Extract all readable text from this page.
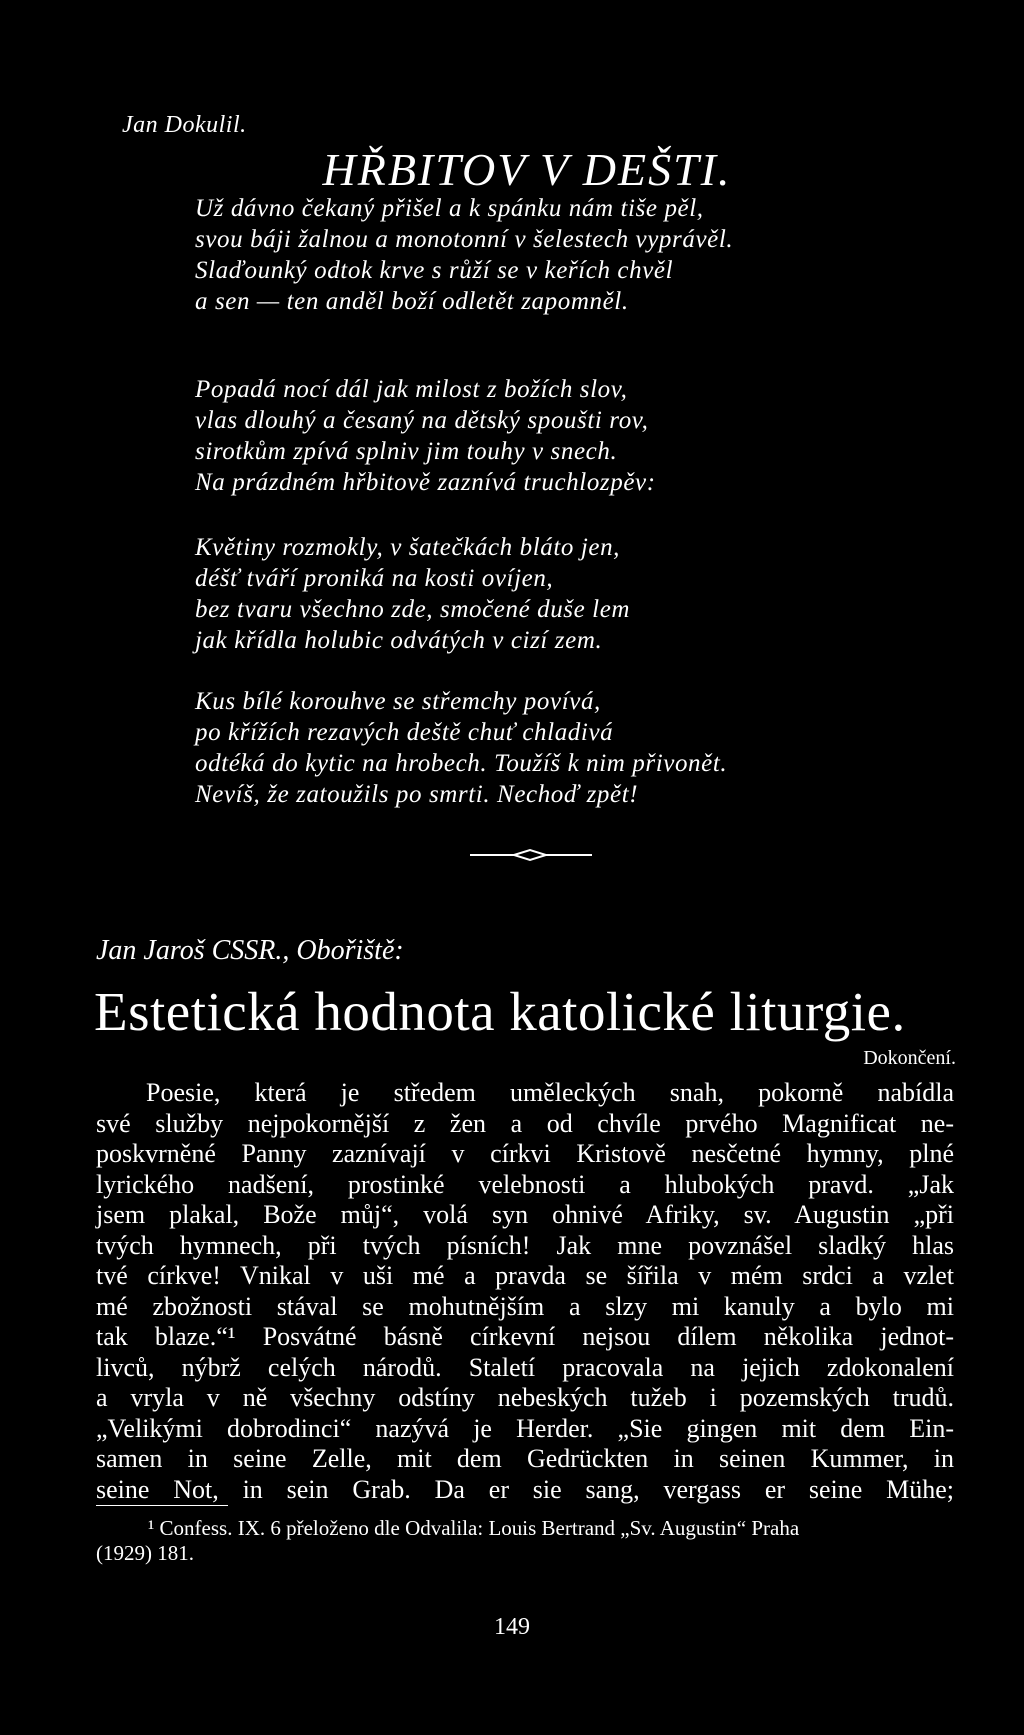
Jan Dokulil.
HŘBITOV V DEŠTI.
Už dávno čekaný přišel a k spánku nám tiše pěl,
svou báji žalnou a monotonní v šelestech vyprávěl.
Slaďounký odtok krve s růží se v keřích chvěl
a sen — ten anděl boží odletět zapomněl.
Popadá nocí dál jak milost z božích slov,
vlas dlouhý a česaný na dětský spoušti rov,
sirotkům zpívá splniv jim touhy v snech.
Na prázdném hřbitově zaznívá truchlozpěv:
Květiny rozmokly, v šatečkách bláto jen,
déšť tváří proniká na kosti ovíjen,
bez tvaru všechno zde, smočené duše lem
jak křídla holubic odvátých v cizí zem.
Kus bílé korouhve se střemchy povívá,
po křížích rezavých deště chuť chladivá
odtéká do kytic na hrobech. Toužíš k nim přivonět.
Nevíš, že zatoužils po smrti. Nechoď zpět!
Jan Jaroš CSSR., Obořiště:
Estetická hodnota katolické liturgie.
Dokončení.
Poesie, která je středem uměleckých snah, pokorně nabídla
své služby nejpokornější z žen a od chvíle prvého Magnificat ne-
poskvrněné Panny zaznívají v církvi Kristově nesčetné hymny, plné
lyrického nadšení, prostinké velebnosti a hlubokých pravd. „Jak
jsem plakal, Bože můj“, volá syn ohnivé Afriky, sv. Augustin „při
tvých hymnech, při tvých písních! Jak mne povznášel sladký hlas
tvé církve! Vnikal v uši mé a pravda se šířila v mém srdci a vzlet
mé zbožnosti stával se mohutnějším a slzy mi kanuly a bylo mi
tak blaze.“¹ Posvátné básně církevní nejsou dílem několika jednot-
livců, nýbrž celých národů. Staletí pracovala na jejich zdokonalení
a vryla v ně všechny odstíny nebeských tužeb i pozemských trudů.
„Velikými dobrodinci“ nazývá je Herder. „Sie gingen mit dem Ein-
samen in seine Zelle, mit dem Gedrückten in seinen Kummer, in
seine Not, in sein Grab. Da er sie sang, vergass er seine Mühe;
¹ Confess. IX. 6 přeloženo dle Odvalila: Louis Bertrand „Sv. Augustin“ Praha
(1929) 181.
149
